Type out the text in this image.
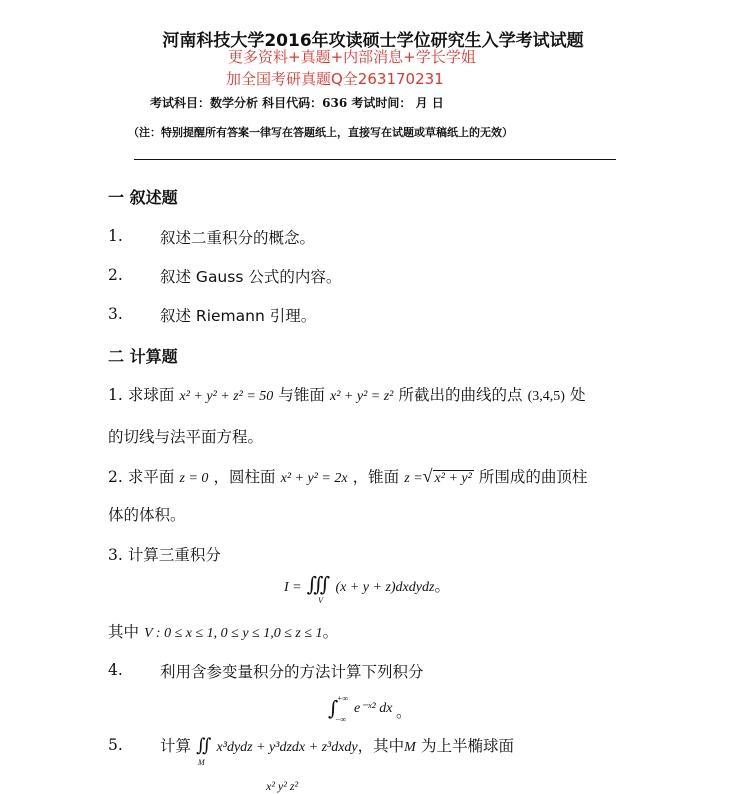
河南科技大学2016年攻读硕士学位研究生入学考试试题
更多资料+真题+内部消息+学长学姐
加全国考研真题Q全263170231
考试科目：数学分析 科目代码：636 考试时间： 月 日
（注：特别提醒所有答案一律写在答题纸上，直接写在试题或草稿纸上的无效）
一 叙述题
1. 叙述二重积分的概念。
2. 叙述 Gauss 公式的内容。
3. 叙述 Riemann 引理。
二 计算题
1. 求球面 x² + y² + z² = 50 与锥面 x² + y² = z² 所截出的曲线的点 (3,4,5) 处
的切线与法平面方程。
2. 求平面 z = 0 ，圆柱面 x² + y² = 2x ，锥面 z =√ x² + y² 所围成的曲顶柱
体的体积。
3. 计算三重积分
I = ∭
V
(x + y + z)dxdydz。
其中 V : 0 ≤ x ≤ 1, 0 ≤ y ≤ 1,0 ≤ z ≤ 1。
4. 利用含参变量积分的方法计算下列积分
∫
+∞
−∞
e⁻ˣ² dx 。
5. 计算 ∬
M
x³dydz + y³dzdx + z³dxdy，其中M 为上半椭球面
x² y² z²
